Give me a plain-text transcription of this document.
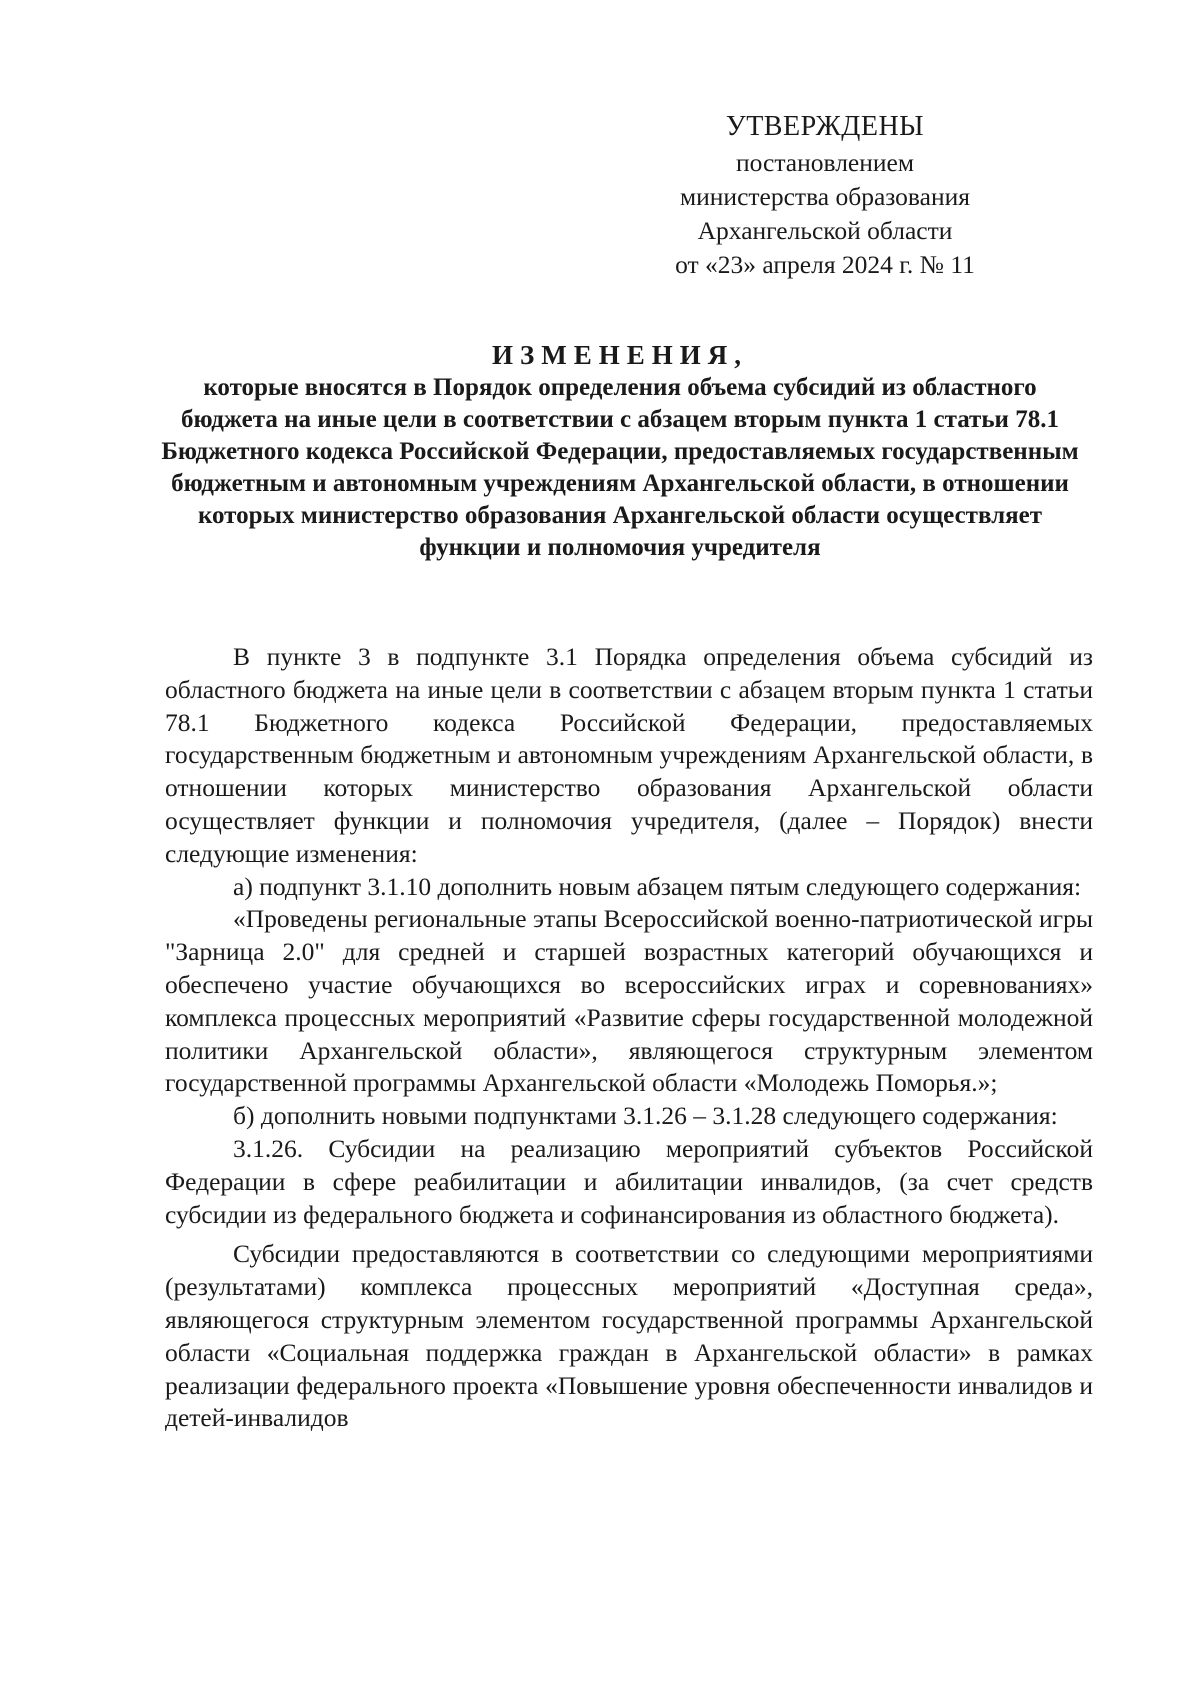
УТВЕРЖДЕНЫ
постановлением
министерства образования
Архангельской области
от «23» апреля 2024 г. № 11
ИЗМЕНЕНИЯ,
которые вносятся в Порядок определения объема субсидий из областного бюджета на иные цели в соответствии с абзацем вторым пункта 1 статьи 78.1 Бюджетного кодекса Российской Федерации, предоставляемых государственным бюджетным и автономным учреждениям Архангельской области, в отношении которых министерство образования Архангельской области осуществляет функции и полномочия учредителя

В пункте 3 в подпункте 3.1 Порядка определения объема субсидий из областного бюджета на иные цели в соответствии с абзацем вторым пункта 1 статьи 78.1 Бюджетного кодекса Российской Федерации, предоставляемых государственным бюджетным и автономным учреждениям Архангельской области, в отношении которых министерство образования Архангельской области осуществляет функции и полномочия учредителя, (далее – Порядок) внести следующие изменения:

а) подпункт 3.1.10 дополнить новым абзацем пятым следующего содержания:

«Проведены региональные этапы Всероссийской военно-патриотической игры "Зарница 2.0" для средней и старшей возрастных категорий обучающихся и обеспечено участие обучающихся во всероссийских играх и соревнованиях» комплекса процессных мероприятий «Развитие сферы государственной молодежной политики Архангельской области», являющегося структурным элементом государственной программы Архангельской области «Молодежь Поморья.»;

б) дополнить новыми подпунктами 3.1.26 – 3.1.28 следующего содержания:

3.1.26. Субсидии на реализацию мероприятий субъектов Российской Федерации в сфере реабилитации и абилитации инвалидов, (за счет средств субсидии из федерального бюджета и софинансирования из областного бюджета).

Субсидии предоставляются в соответствии со следующими мероприятиями (результатами) комплекса процессных мероприятий «Доступная среда», являющегося структурным элементом государственной программы Архангельской области «Социальная поддержка граждан в Архангельской области» в рамках реализации федерального проекта «Повышение уровня обеспеченности инвалидов и детей-инвалидов
